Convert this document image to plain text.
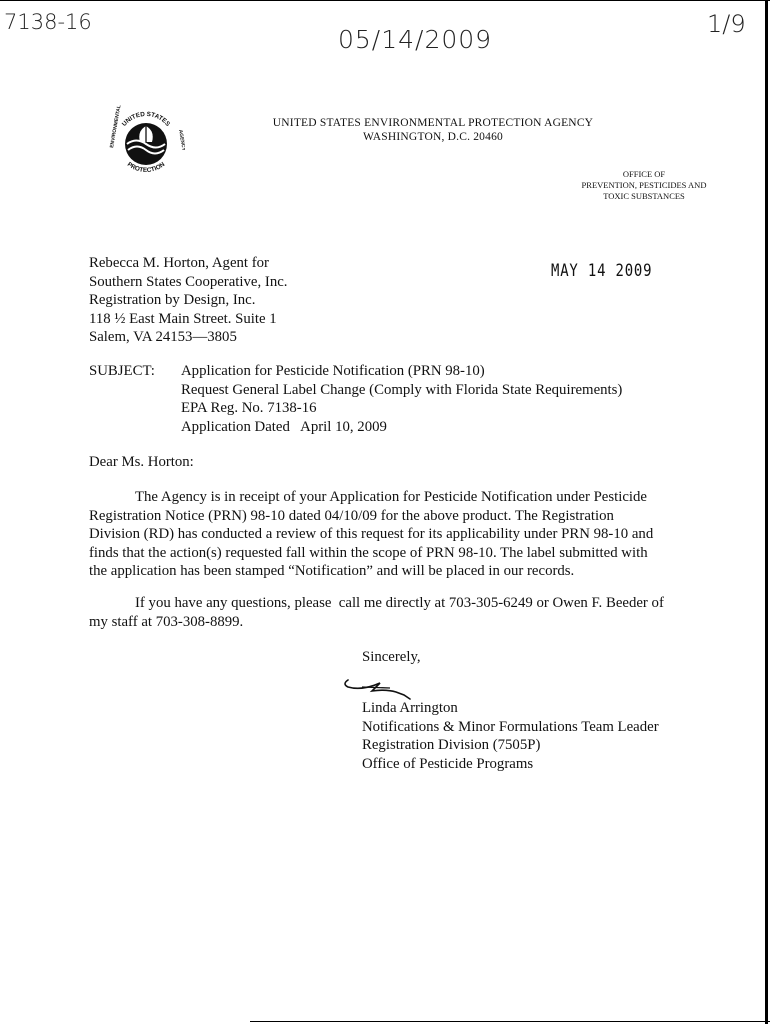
7138-16
05/14/2009
1/9
UNITED STATES
PROTECTION
ENVIRONMENTAL	AGENCY
UNITED STATES ENVIRONMENTAL PROTECTION AGENCY
WASHINGTON, D.C. 20460
OFFICE OF
PREVENTION, PESTICIDES AND
TOXIC SUBSTANCES
Rebecca M. Horton, Agent for
Southern States Cooperative, Inc.
Registration by Design, Inc.
118 ½ East Main Street. Suite 1
Salem, VA 24153—3805
MAY 14 2009
SUBJECT: Application for Pesticide Notification (PRN 98-10)
Request General Label Change (Comply with Florida State Requirements)
EPA Reg. No. 7138-16
Application Dated   April 10, 2009
Dear Ms. Horton:
The Agency is in receipt of your Application for Pesticide Notification under Pesticide
Registration Notice (PRN) 98-10 dated 04/10/09 for the above product. The Registration
Division (RD) has conducted a review of this request for its applicability under PRN 98-10 and
finds that the action(s) requested fall within the scope of PRN 98-10. The label submitted with
the application has been stamped “Notification” and will be placed in our records.
If you have any questions, please  call me directly at 703-305-6249 or Owen F. Beeder of
my staff at 703-308-8899.
Sincerely,
Linda Arrington
Notifications & Minor Formulations Team Leader
Registration Division (7505P)
Office of Pesticide Programs
